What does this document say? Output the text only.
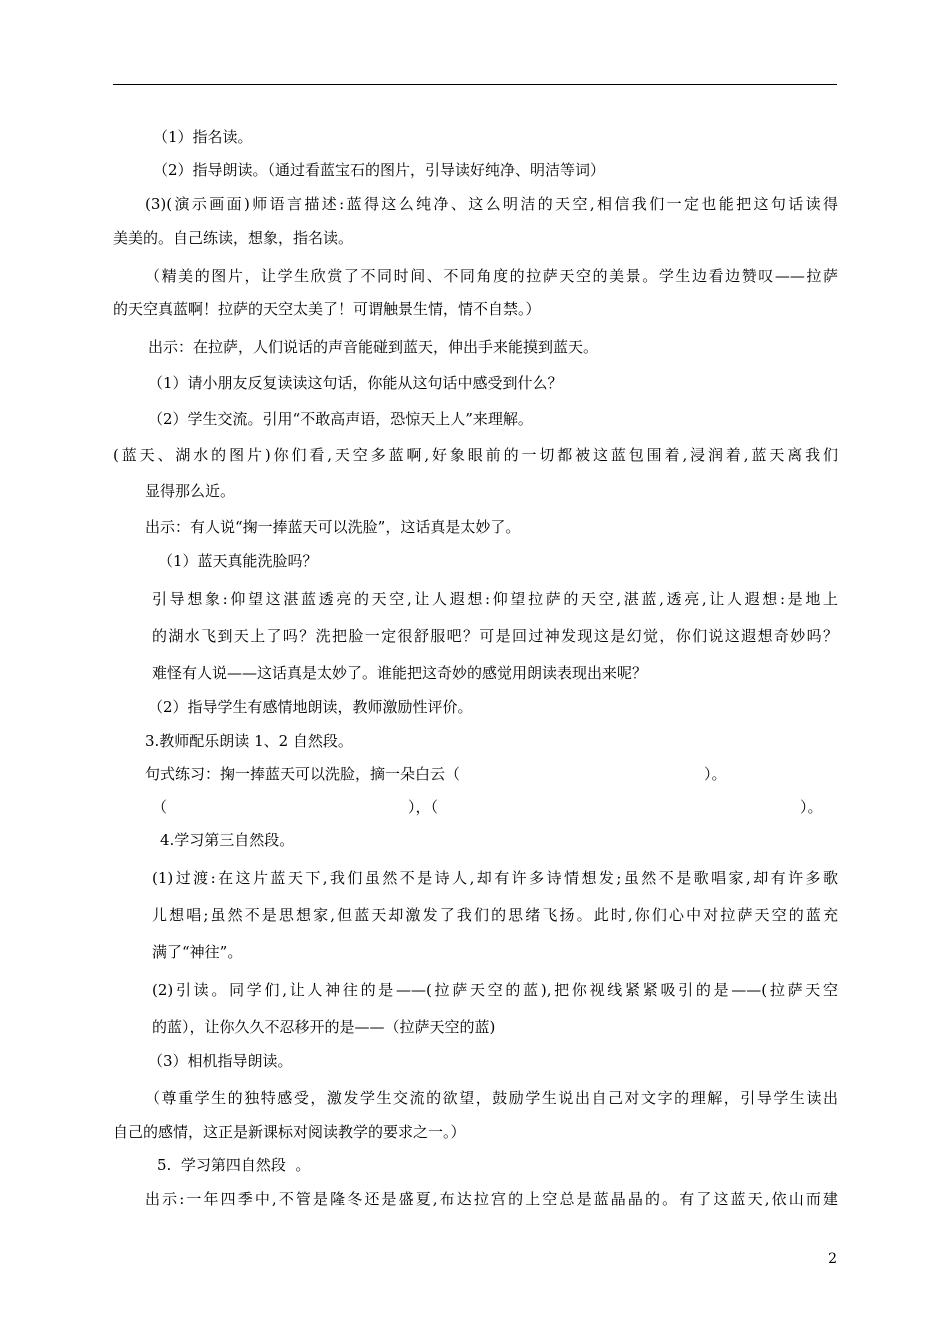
（1）指名读。
（2）指导朗读。（通过看蓝宝石的图片，引导读好纯净、明洁等词）
(3)(演示画面)师语言描述:蓝得这么纯净、这么明洁的天空,相信我们一定也能把这句话读得
美美的。自己练读，想象，指名读。
（精美的图片，让学生欣赏了不同时间、不同角度的拉萨天空的美景。学生边看边赞叹——拉萨
的天空真蓝啊！拉萨的天空太美了！可谓触景生情，情不自禁。）
出示：在拉萨，人们说话的声音能碰到蓝天，伸出手来能摸到蓝天。
（1）请小朋友反复读读这句话，你能从这句话中感受到什么？
（2）学生交流。引用“不敢高声语，恐惊天上人”来理解。
(蓝天、湖水的图片)你们看,天空多蓝啊,好象眼前的一切都被这蓝包围着,浸润着,蓝天离我们
显得那么近。
出示：有人说“掬一捧蓝天可以洗脸”，这话真是太妙了。
（1）蓝天真能洗脸吗？
引导想象:仰望这湛蓝透亮的天空,让人遐想:仰望拉萨的天空,湛蓝,透亮,让人遐想:是地上
的湖水飞到天上了吗？洗把脸一定很舒服吧？可是回过神发现这是幻觉，你们说这遐想奇妙吗？
难怪有人说——这话真是太妙了。谁能把这奇妙的感觉用朗读表现出来呢？
（2）指导学生有感情地朗读，教师激励性评价。
3.教师配乐朗读 1、2 自然段。
句式练习：掬一捧蓝天可以洗脸，摘一朵白云（	）。
（	），（	）。
4.学习第三自然段。
(1)过渡:在这片蓝天下,我们虽然不是诗人,却有许多诗情想发;虽然不是歌唱家,却有许多歌
儿想唱;虽然不是思想家,但蓝天却激发了我们的思绪飞扬。此时,你们心中对拉萨天空的蓝充
满了“神往”。
(2)引读。同学们,让人神往的是——(拉萨天空的蓝),把你视线紧紧吸引的是——(拉萨天空
的蓝），让你久久不忍移开的是——（拉萨天空的蓝)
（3）相机指导朗读。
（尊重学生的独特感受，激发学生交流的欲望，鼓励学生说出自己对文字的理解，引导学生读出
自己的感情，这正是新课标对阅读教学的要求之一。）
5.  学习第四自然段  。
出示:一年四季中,不管是隆冬还是盛夏,布达拉宫的上空总是蓝晶晶的。有了这蓝天,依山而建
2
